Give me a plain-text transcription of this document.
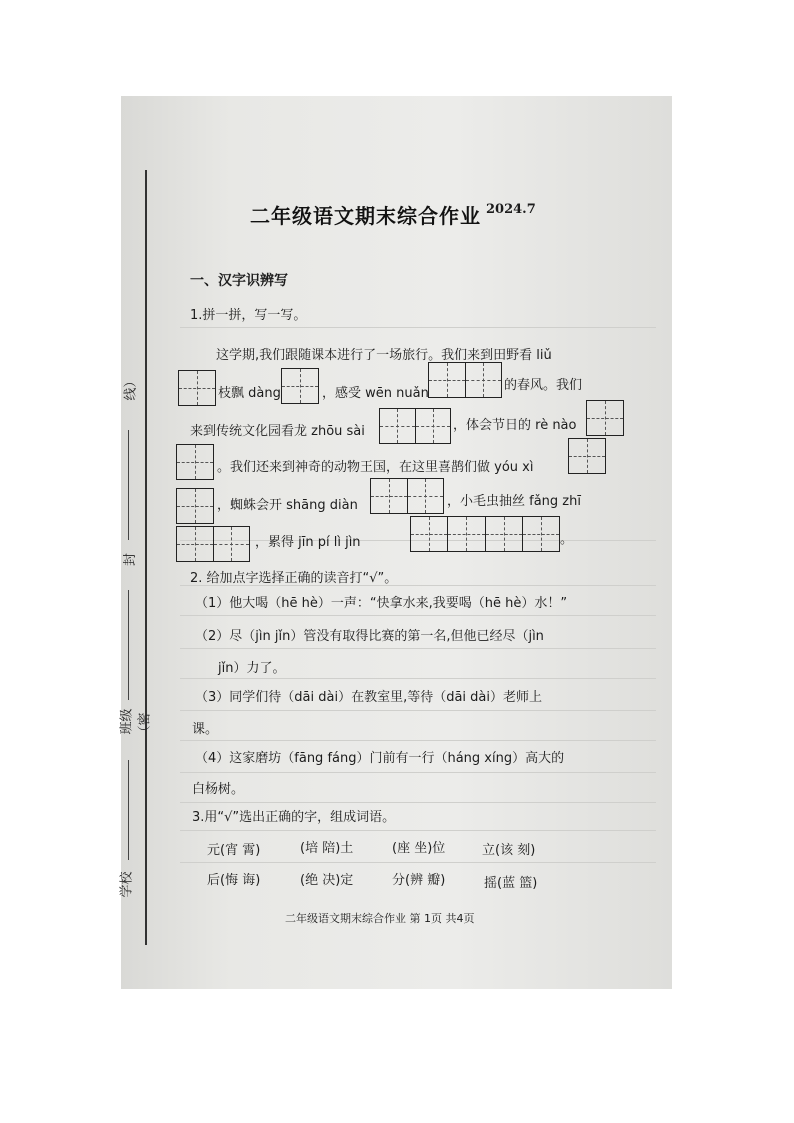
线）
封
班级 （密
学校
二年级语文期末综合作业 2024.7
一、汉字识辨写
1.拼一拼，写一写。
这学期,我们跟随课本进行了一场旅行。我们来到田野看 liǔ
枝飘 dàng	，感受 wēn nuǎn
的春风。我们
来到传统文化园看龙 zhōu sài	，体会节日的 rè nào
。我们还来到神奇的动物王国，在这里喜鹊们做 yóu xì
，蜘蛛会开 shāng diàn	，小毛虫抽丝 fǎng zhī
，累得 jīn pí lì jìn	。
2. 给加点字选择正确的读音打“√”。
（1）他大喝（hē hè）一声：“快拿水来,我要喝（hē hè）水！”
（2）尽（jìn jǐn）管没有取得比赛的第一名,但他已经尽（jìn
jǐn）力了。
（3）同学们待（dāi dài）在教室里,等待（dāi dài）老师上
课。
（4）这家磨坊（fāng fáng）门前有一行（háng xíng）高大的
白杨树。
3.用“√”选出正确的字，组成词语。
元(宵 霄)	(培 陪)土	(座 坐)位	立(该 刻)
后(悔 诲)	(绝 决)定	分(辨 瓣)	摇(蓝 篮)
二年级语文期末综合作业 第 1页 共4页
